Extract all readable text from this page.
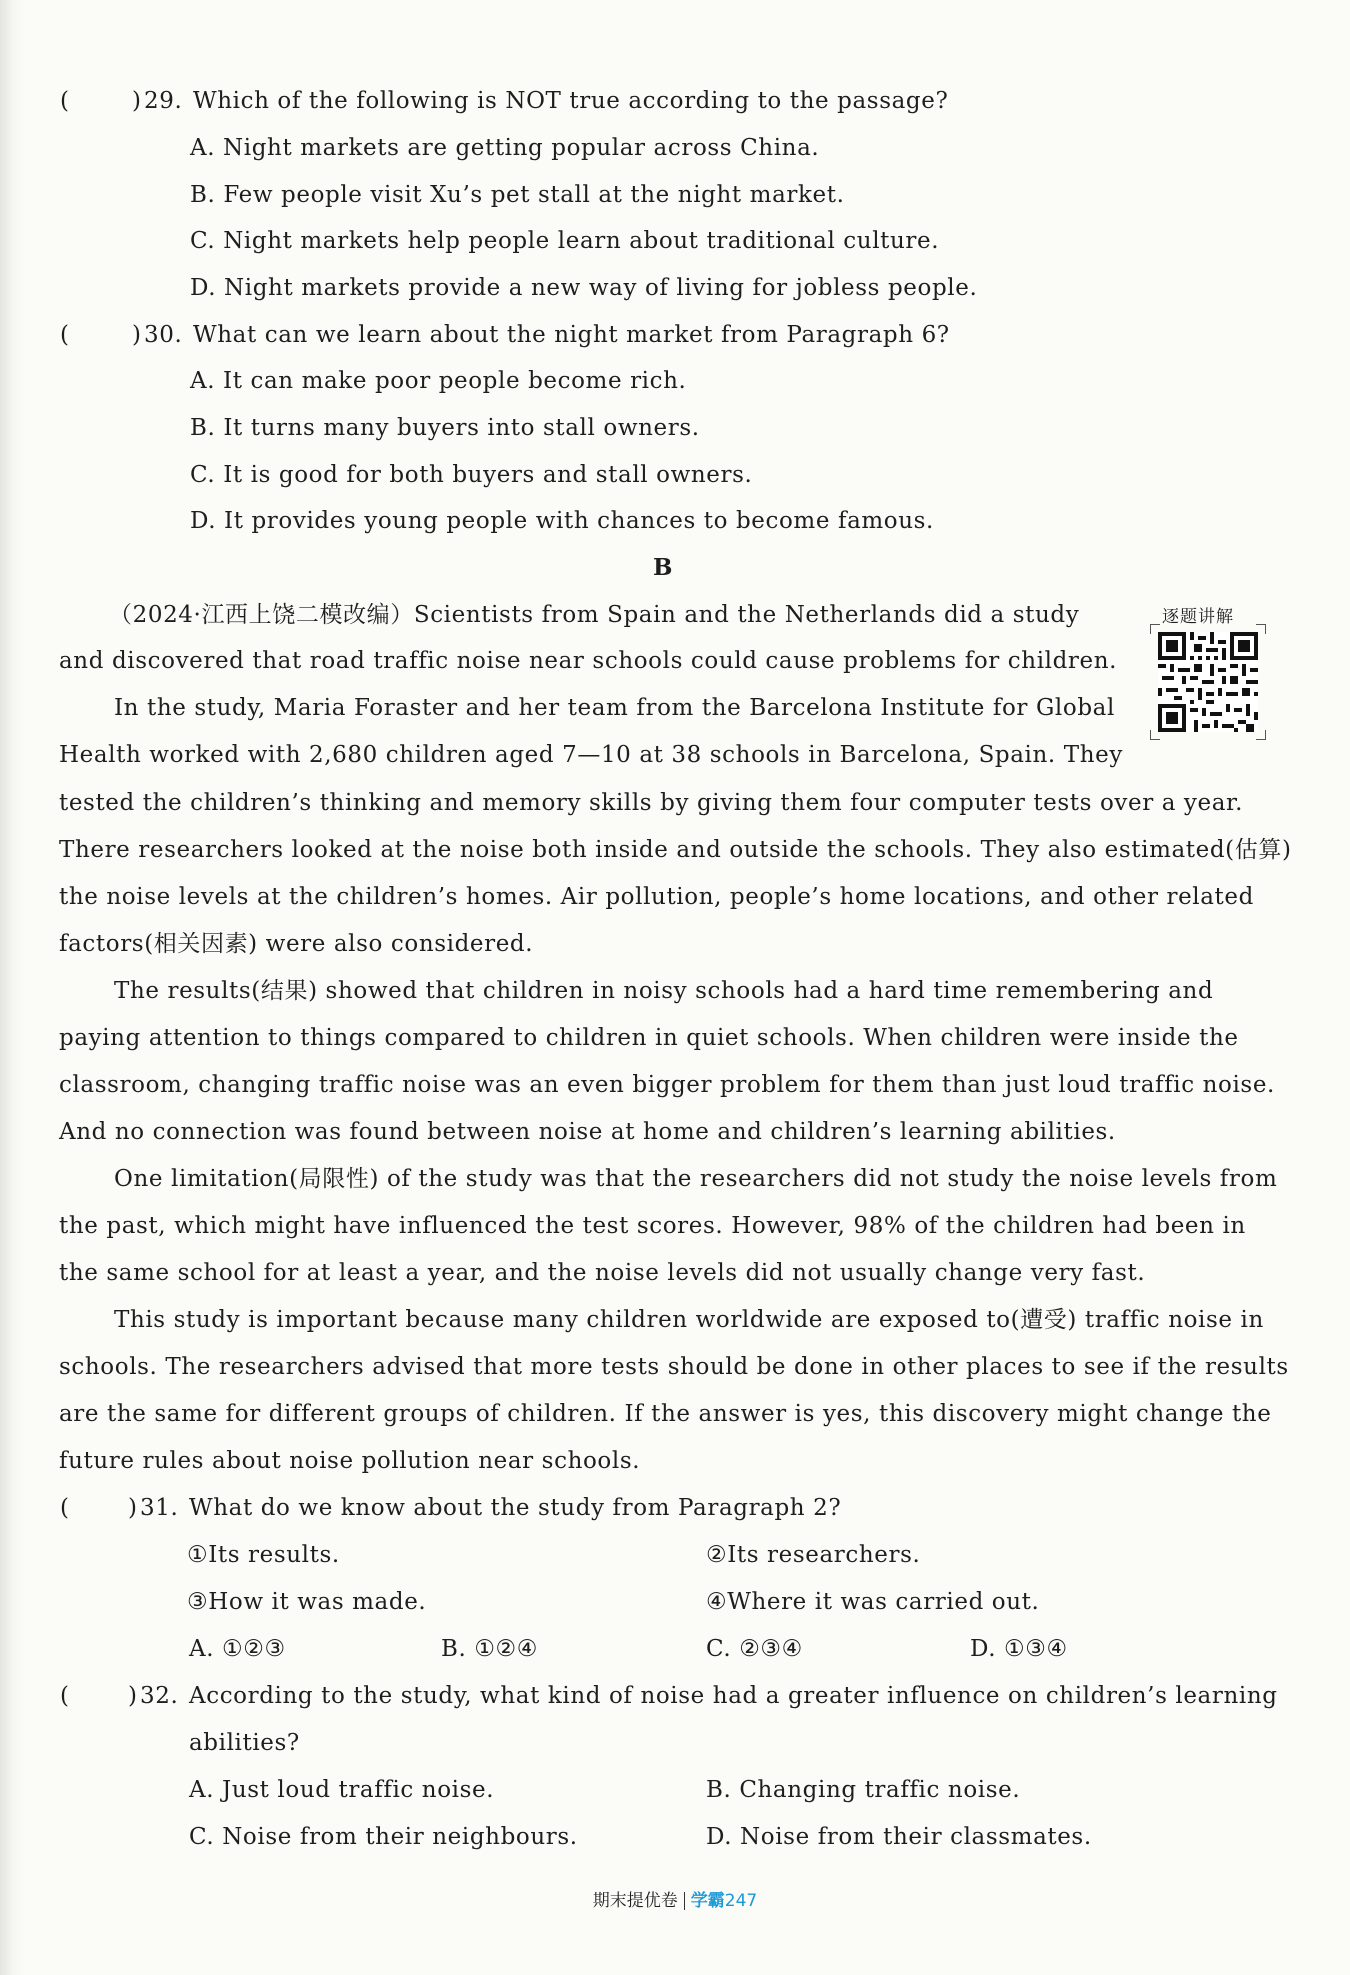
(	) 29. Which of the following is NOT true according to the passage?
A. Night markets are getting popular across China.
B. Few people visit Xu’s pet stall at the night market.
C. Night markets help people learn about traditional culture.
D. Night markets provide a new way of living for jobless people.
(	) 30. What can we learn about the night market from Paragraph 6?
A. It can make poor people become rich.
B. It turns many buyers into stall owners.
C. It is good for both buyers and stall owners.
D. It provides young people with chances to become famous.
B
逐题讲解
（2024·江西上饶二模改编）Scientists from Spain and the Netherlands did a study
and discovered that road traffic noise near schools could cause problems for children.
In the study, Maria Foraster and her team from the Barcelona Institute for Global
Health worked with 2,680 children aged 7—10 at 38 schools in Barcelona, Spain. They
tested the children’s thinking and memory skills by giving them four computer tests over a year.
There researchers looked at the noise both inside and outside the schools. They also estimated(估算)
the noise levels at the children’s homes. Air pollution, people’s home locations, and other related
factors(相关因素) were also considered.
The results(结果) showed that children in noisy schools had a hard time remembering and
paying attention to things compared to children in quiet schools. When children were inside the
classroom, changing traffic noise was an even bigger problem for them than just loud traffic noise.
And no connection was found between noise at home and children’s learning abilities.
One limitation(局限性) of the study was that the researchers did not study the noise levels from
the past, which might have influenced the test scores. However, 98% of the children had been in
the same school for at least a year, and the noise levels did not usually change very fast.
This study is important because many children worldwide are exposed to(遭受) traffic noise in
schools. The researchers advised that more tests should be done in other places to see if the results
are the same for different groups of children. If the answer is yes, this discovery might change the
future rules about noise pollution near schools.
(	) 31. What do we know about the study from Paragraph 2?
①Its results.	②Its researchers.
③How it was made.	④Where it was carried out.
A. ①②③	B. ①②④	C. ②③④	D. ①③④
(	) 32. According to the study, what kind of noise had a greater influence on children’s learning
abilities?
A. Just loud traffic noise.	B. Changing traffic noise.
C. Noise from their neighbours.	D. Noise from their classmates.
期末提优卷 学霸247
